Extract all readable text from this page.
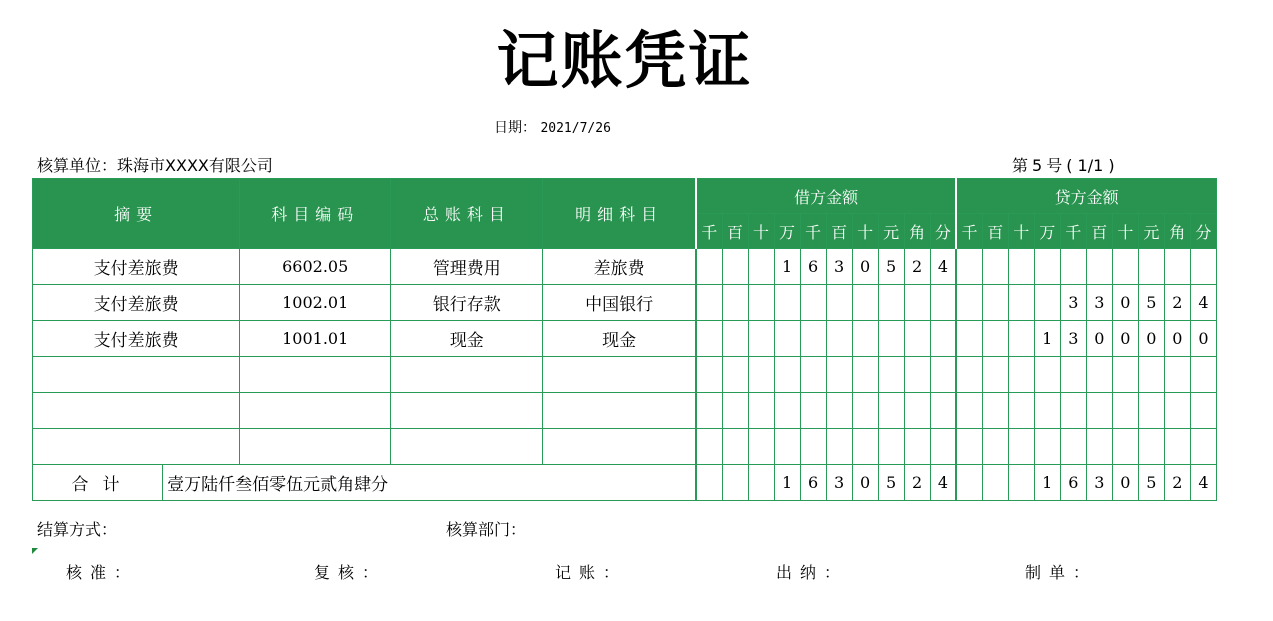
记账凭证
日期： 2021/7/26
核算单位：珠海市XXXX有限公司	第 5 号 ( 1/1 )
摘要		科目编码	总账科目	明细科目	借方金额										贷方金额									
					千	百	十	万	千	百	十	元	角	分	千	百	十	万	千	百	十	元	角	分
支付差旅费		6602.05	管理费用	差旅费				1	6	3	0	5	2	4										
支付差旅费		1002.01	银行存款	中国银行															3	3	0	5	2	4
支付差旅费		1001.01	现金	现金														1	3	0	0	0	0	0

合计	壹万陆仟叁佰零伍元贰角肆分							1	6	3	0	5	2	4				1	6	3	0	5	2	4
结算方式：	核算部门：
核准：	复核：	记账：	出纳：	制单：
